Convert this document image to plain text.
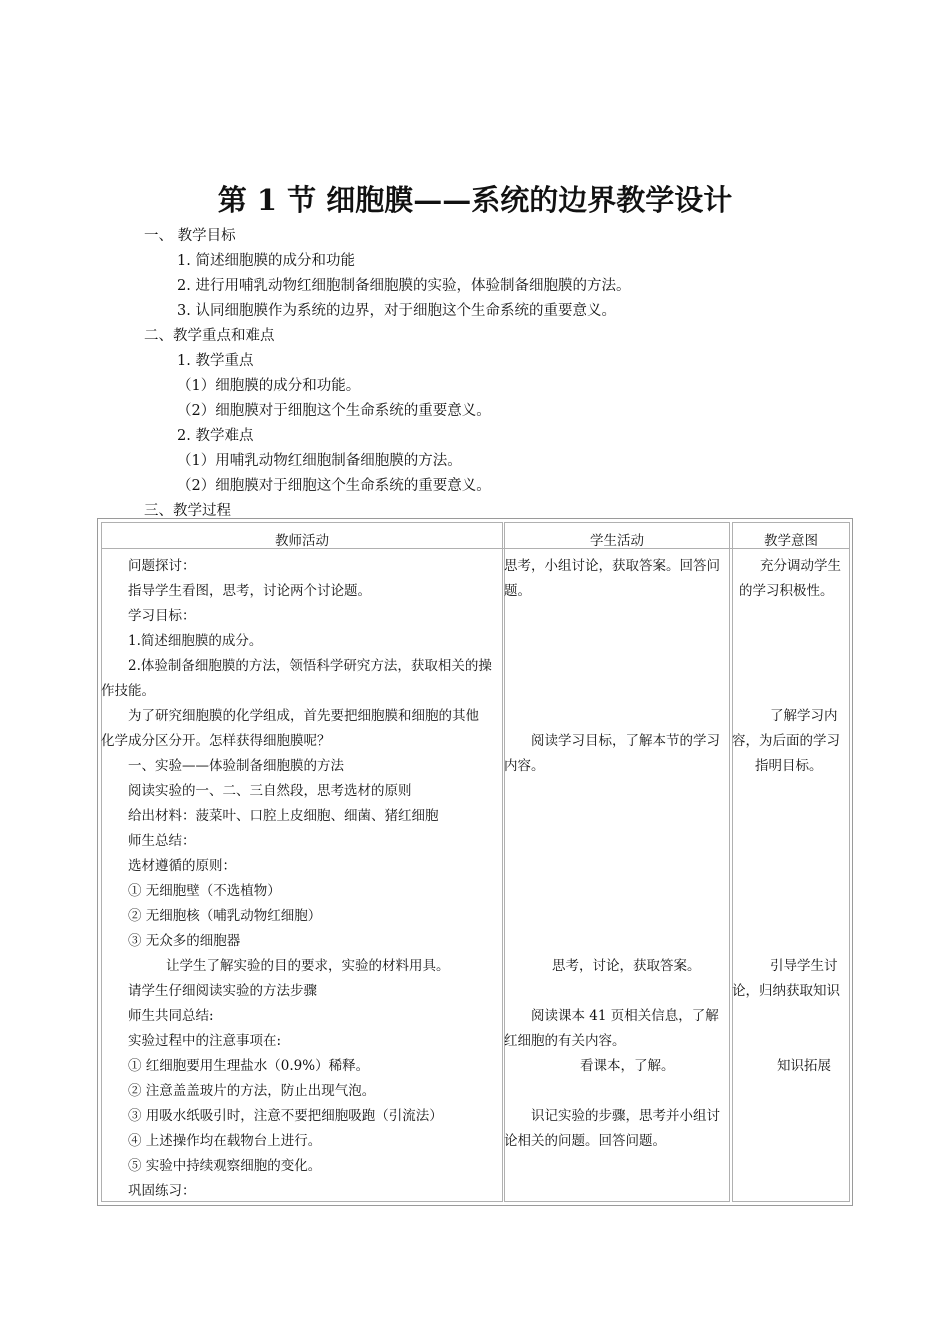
第 1 节 细胞膜——系统的边界教学设计
一、 教学目标
1. 简述细胞膜的成分和功能
2. 进行用哺乳动物红细胞制备细胞膜的实验，体验制备细胞膜的方法。
3. 认同细胞膜作为系统的边界，对于细胞这个生命系统的重要意义。
二、教学重点和难点
1. 教学重点
（1）细胞膜的成分和功能。
（2）细胞膜对于细胞这个生命系统的重要意义。
2. 教学难点
（1）用哺乳动物红细胞制备细胞膜的方法。
（2）细胞膜对于细胞这个生命系统的重要意义。
三、教学过程
教师活动	学生活动	教学意图
问题探讨：
指导学生看图，思考，讨论两个讨论题。
学习目标：
1.简述细胞膜的成分。
2.体验制备细胞膜的方法，领悟科学研究方法，获取相关的操
作技能。
为了研究细胞膜的化学组成，首先要把细胞膜和细胞的其他
化学成分区分开。怎样获得细胞膜呢？
一、实验——体验制备细胞膜的方法
阅读实验的一、二、三自然段，思考选材的原则
给出材料：菠菜叶、口腔上皮细胞、细菌、猪红细胞
师生总结：
选材遵循的原则：
① 无细胞壁（不选植物）
② 无细胞核（哺乳动物红细胞）
③ 无众多的细胞器
让学生了解实验的目的要求，实验的材料用具。
请学生仔细阅读实验的方法步骤
师生共同总结:
实验过程中的注意事项在:
① 红细胞要用生理盐水（0.9%）稀释。
② 注意盖盖玻片的方法，防止出现气泡。
③ 用吸水纸吸引时，注意不要把细胞吸跑（引流法）
④ 上述操作均在载物台上进行。
⑤ 实验中持续观察细胞的变化。
巩固练习：
思考，小组讨论，获取答案。回答问
题。

阅读学习目标，了解本节的学习
内容。

思考，讨论，获取答案。

阅读课本 41 页相关信息，了解
红细胞的有关内容。
看课本，了解。

识记实验的步骤，思考并小组讨
论相关的问题。回答问题。

充分调动学生
的学习积极性。

了解学习内
容，为后面的学习
指明目标。

引导学生讨
论，归纳获取知识

知识拓展
